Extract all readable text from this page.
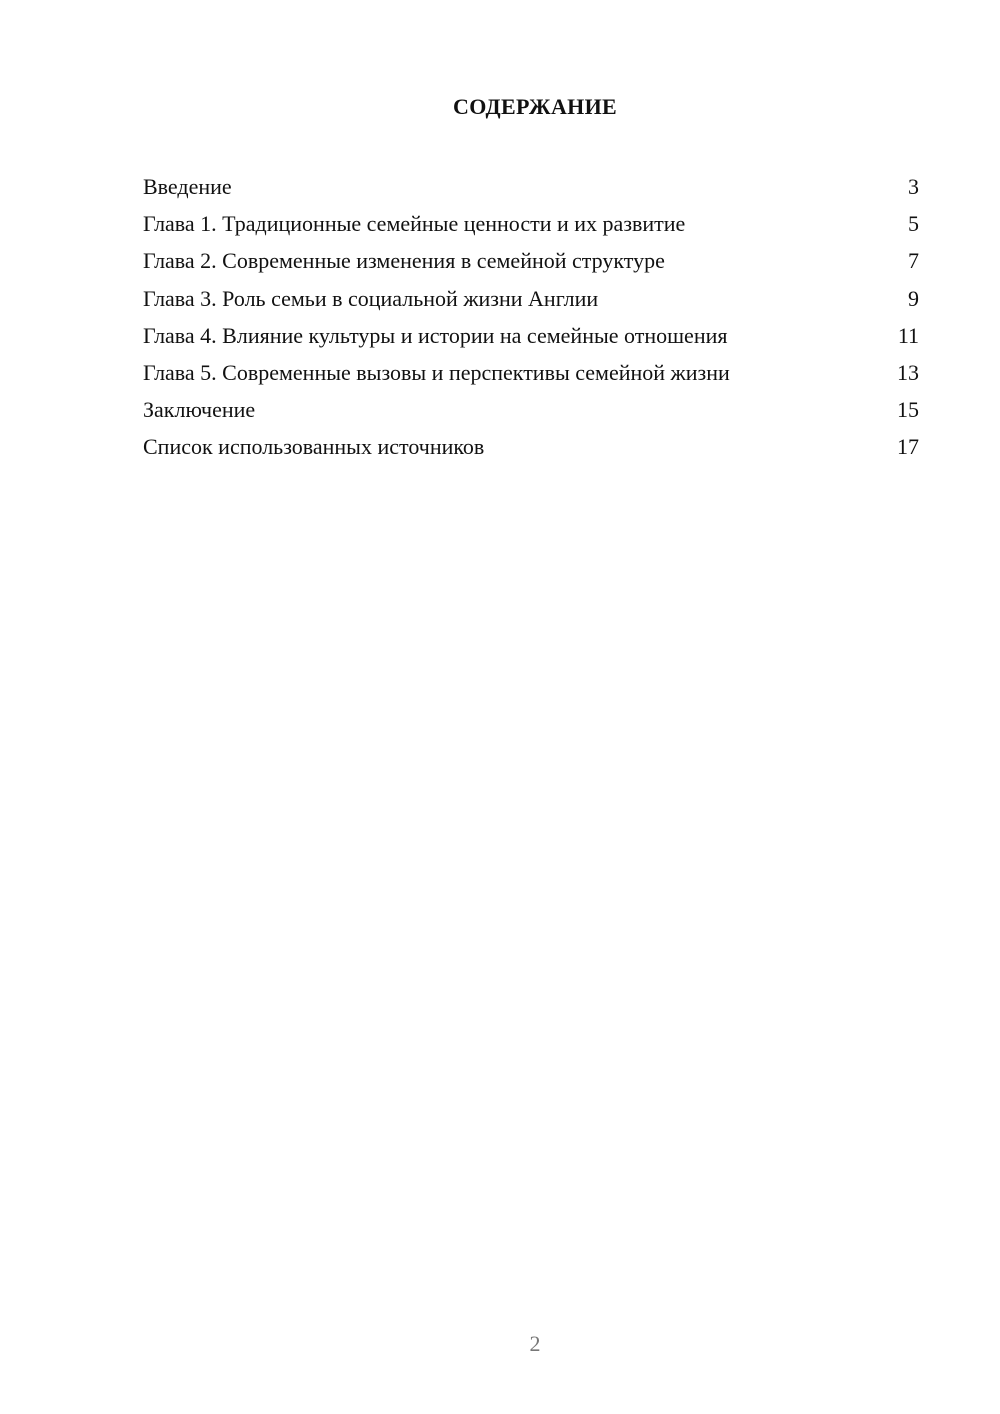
СОДЕРЖАНИЕ
Введение	3
Глава 1. Традиционные семейные ценности и их развитие	5
Глава 2. Современные изменения в семейной структуре	7
Глава 3. Роль семьи в социальной жизни Англии	9
Глава 4. Влияние культуры и истории на семейные отношения	11
Глава 5. Современные вызовы и перспективы семейной жизни	13
Заключение	15
Список использованных источников	17
2
